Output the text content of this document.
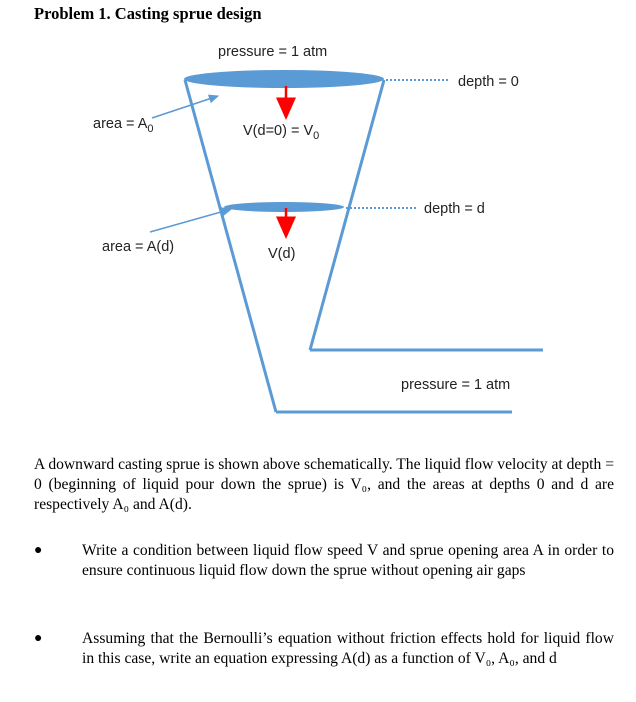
Problem 1. Casting sprue design
pressure = 1 atm
depth = 0
area = $A_0$	$V(d=0) = V_0$
depth = d
area = A(d)	V(d)
pressure = 1 atm
A downward casting sprue is shown above schematically. The liquid flow velocity at depth = 0 (beginning of liquid pour down the sprue) is V₀, and the areas at depths 0 and d are respectively A₀ and A(d).
●	Write a condition between liquid flow speed V and sprue opening area A in order to ensure continuous liquid flow down the sprue without opening air gaps
●	Assuming that the Bernoulli’s equation without friction effects hold for liquid flow in this case, write an equation expressing A(d) as a function of V₀, A₀, and d
